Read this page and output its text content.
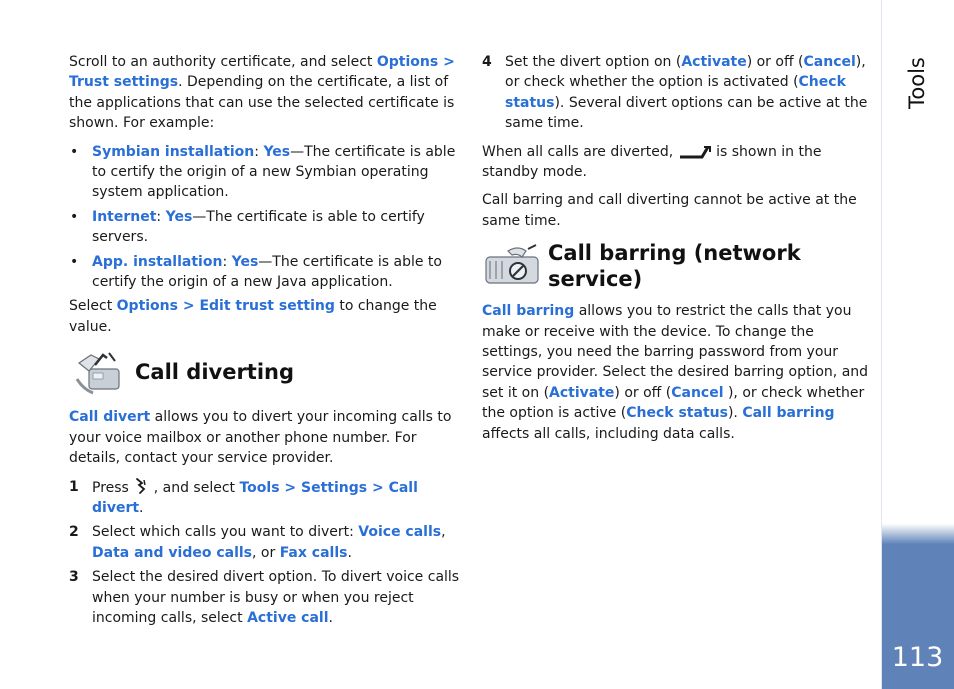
Tools
113

Scroll to an authority certificate, and select Options > Trust settings. Depending on the certificate, a list of the applications that can use the selected certificate is shown. For example:

• Symbian installation: Yes—The certificate is able to certify the origin of a new Symbian operating system application.
• Internet: Yes—The certificate is able to certify servers.
• App. installation: Yes—The certificate is able to certify the origin of a new Java application.

Select Options > Edit trust setting to change the value.

Call diverting

Call divert allows you to divert your incoming calls to your voice mailbox or another phone number. For details, contact your service provider.

1 Press  , and select Tools > Settings > Call divert.
2 Select which calls you want to divert: Voice calls, Data and video calls, or Fax calls.
3 Select the desired divert option. To divert voice calls when your number is busy or when you reject incoming calls, select Active call.
4 Set the divert option on (Activate) or off (Cancel), or check whether the option is activated (Check status). Several divert options can be active at the same time.

When all calls are diverted,  is shown in the standby mode.

Call barring and call diverting cannot be active at the same time.

Call barring (network service)

Call barring allows you to restrict the calls that you make or receive with the device. To change the settings, you need the barring password from your service provider. Select the desired barring option, and set it on (Activate) or off (Cancel ), or check whether the option is active (Check status). Call barring affects all calls, including data calls.
